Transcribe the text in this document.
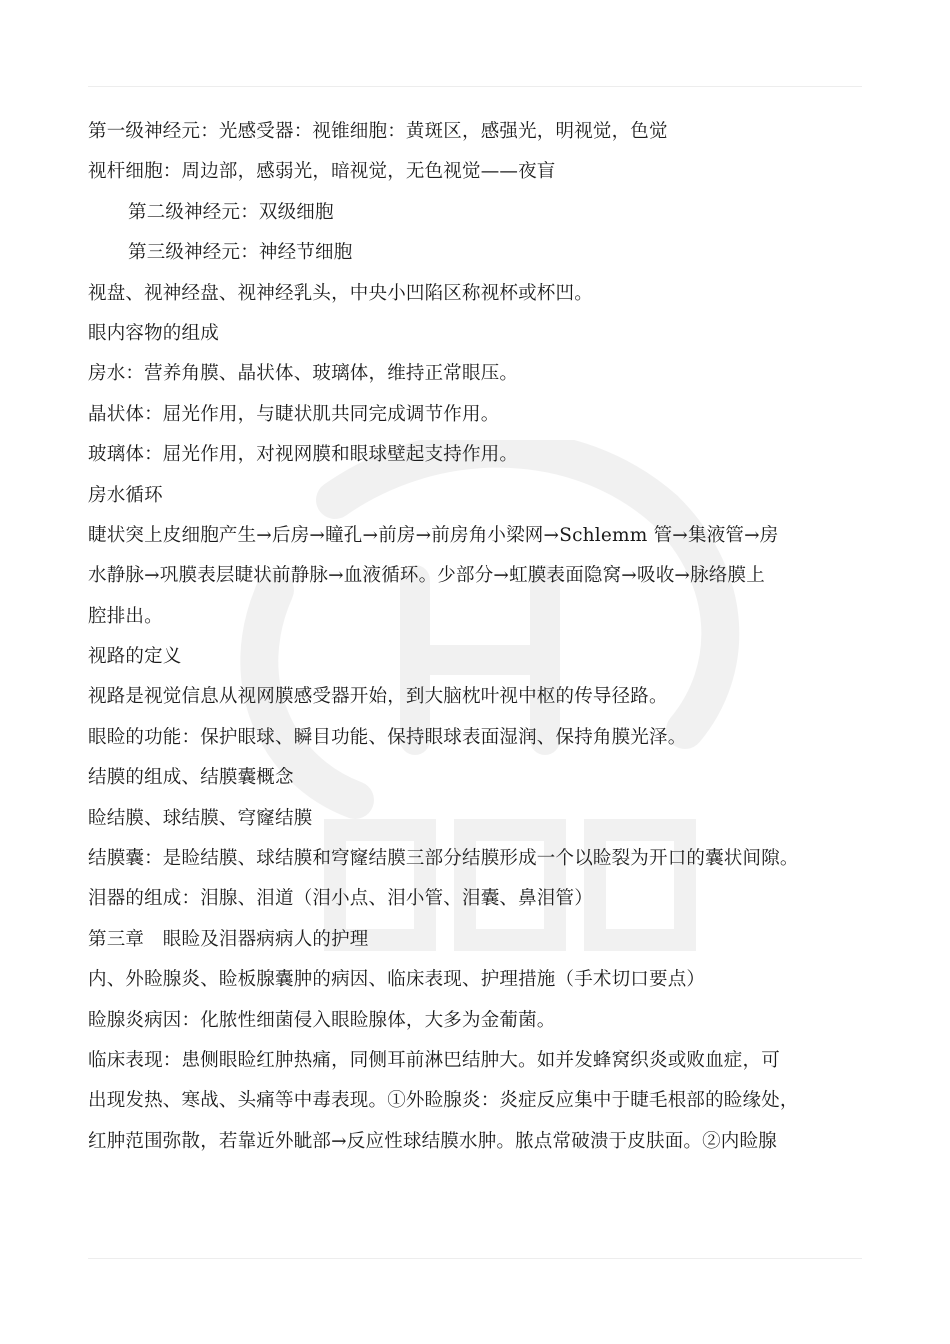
第一级神经元：光感受器：视锥细胞：黄斑区，感强光，明视觉，色觉
视杆细胞：周边部，感弱光，暗视觉，无色视觉——夜盲
第二级神经元：双级细胞
第三级神经元：神经节细胞
视盘、视神经盘、视神经乳头，中央小凹陷区称视杯或杯凹。
眼内容物的组成
房水：营养角膜、晶状体、玻璃体，维持正常眼压。
晶状体：屈光作用，与睫状肌共同完成调节作用。
玻璃体：屈光作用，对视网膜和眼球壁起支持作用。
房水循环
睫状突上皮细胞产生→后房→瞳孔→前房→前房角小梁网→Schlemm 管→集液管→房
水静脉→巩膜表层睫状前静脉→血液循环。少部分→虹膜表面隐窝→吸收→脉络膜上
腔排出。
视路的定义
视路是视觉信息从视网膜感受器开始，到大脑枕叶视中枢的传导径路。
眼睑的功能：保护眼球、瞬目功能、保持眼球表面湿润、保持角膜光泽。
结膜的组成、结膜囊概念
睑结膜、球结膜、穹窿结膜
结膜囊：是睑结膜、球结膜和穹窿结膜三部分结膜形成一个以睑裂为开口的囊状间隙。
泪器的组成：泪腺、泪道（泪小点、泪小管、泪囊、鼻泪管）
第三章　眼睑及泪器病病人的护理
内、外睑腺炎、睑板腺囊肿的病因、临床表现、护理措施（手术切口要点）
睑腺炎病因：化脓性细菌侵入眼睑腺体，大多为金葡菌。
临床表现：患侧眼睑红肿热痛，同侧耳前淋巴结肿大。如并发蜂窝织炎或败血症，可
出现发热、寒战、头痛等中毒表现。①外睑腺炎：炎症反应集中于睫毛根部的睑缘处，
红肿范围弥散，若靠近外眦部→反应性球结膜水肿。脓点常破溃于皮肤面。②内睑腺
